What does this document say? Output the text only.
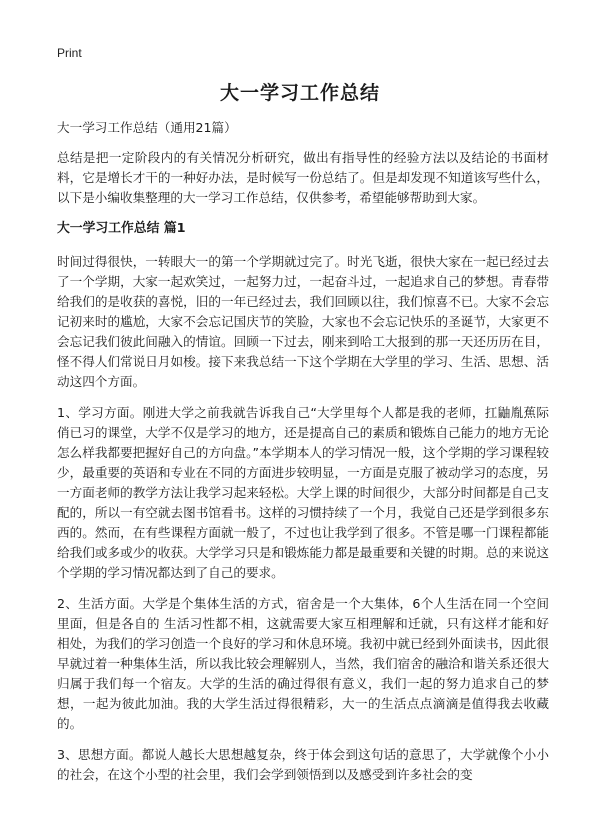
Print
大一学习工作总结

大一学习工作总结（通用21篇）

总结是把一定阶段内的有关情况分析研究，做出有指导性的经验方法以及结论的书面材料，它是增长才干的一种好办法，是时候写一份总结了。但是却发现不知道该写些什么，以下是小编收集整理的大一学习工作总结，仅供参考，希望能够帮助到大家。

大一学习工作总结 篇1

时间过得很快，一转眼大一的第一个学期就过完了。时光飞逝，很快大家在一起已经过去了一个学期，大家一起欢笑过，一起努力过，一起奋斗过，一起追求自己的梦想。青春带给我们的是收获的喜悦，旧的一年已经过去，我们回顾以往，我们惊喜不已。大家不会忘记初来时的尴尬，大家不会忘记国庆节的笑脸，大家也不会忘记快乐的圣诞节，大家更不会忘记我们彼此间融入的情谊。回顾一下过去，刚来到哈工大报到的那一天还历历在目，怪不得人们常说日月如梭。接下来我总结一下这个学期在大学里的学习、生活、思想、活动这四个方面。

1、学习方面。刚进大学之前我就告诉我自己“大学里每个人都是我的老师，扛鼬胤蕉际俏已习的课堂，大学不仅是学习的地方，还是提高自己的素质和锻炼自己能力的地方无论怎么样我都要把握好自己的方向盘。”本学期本人的学习情况一般，这个学期的学习课程较少，最重要的英语和专业在不同的方面进步较明显，一方面是克服了被动学习的态度，另一方面老师的教学方法让我学习起来轻松。大学上课的时间很少，大部分时间都是自己支配的，所以一有空就去图书馆看书。这样的习惯持续了一个月，我觉自己还是学到很多东西的。然而，在有些课程方面就一般了，不过也让我学到了很多。不管是哪一门课程都能给我们或多或少的收获。大学学习只是和锻炼能力都是最重要和关键的时期。总的来说这个学期的学习情况都达到了自己的要求。

2、生活方面。大学是个集体生活的方式，宿舍是一个大集体，6个人生活在同一个空间里面，但是各自的 生活习性都不相，这就需要大家互相理解和迁就，只有这样才能和好相处，为我们的学习创造一个良好的学习和休息环境。我初中就已经到外面读书，因此很早就过着一种集体生活，所以我比较会理解别人，当然，我们宿舍的融洽和谐关系还很大归属于我们每一个宿友。大学的生活的确过得很有意义，我们一起的努力追求自己的梦想，一起为彼此加油。我的大学生活过得很精彩，大一的生活点点滴滴是值得我去收藏的。

3、思想方面。都说人越长大思想越复杂，终于体会到这句话的意思了，大学就像个小小的社会，在这个小型的社会里，我们会学到领悟到以及感受到许多社会的变
